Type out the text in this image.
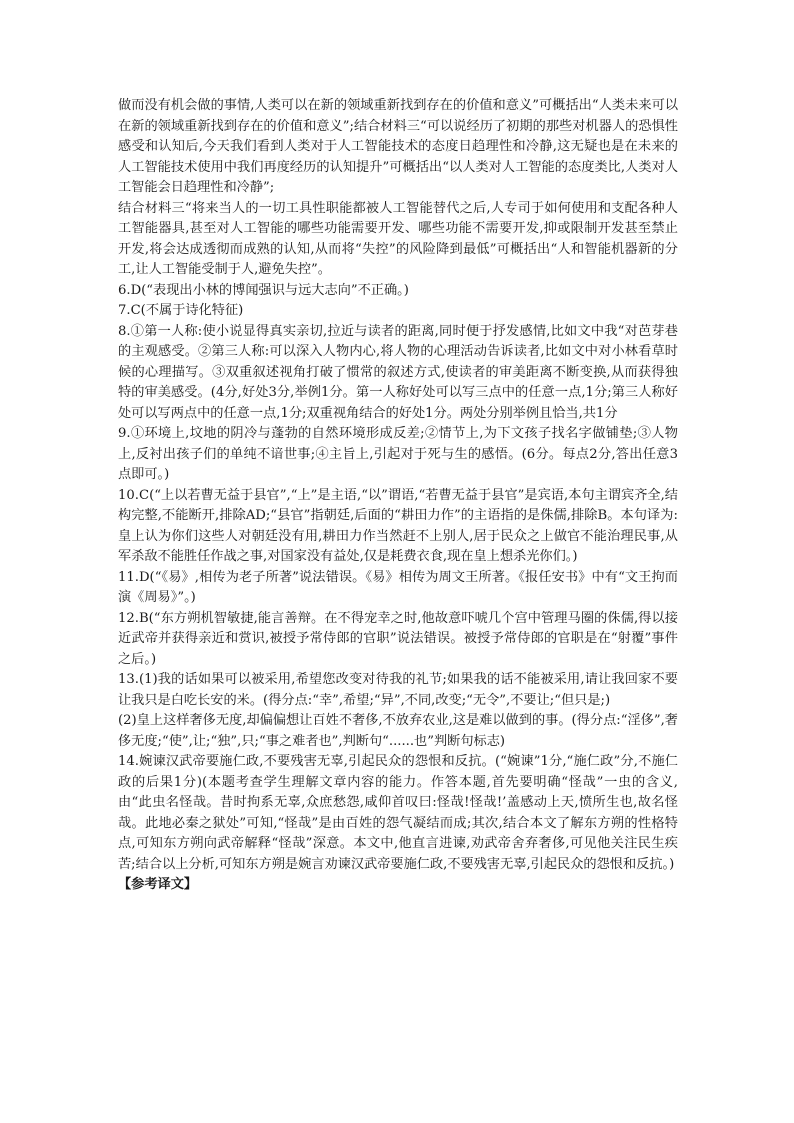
做而没有机会做的事情,人类可以在新的领域重新找到存在的价值和意义”可概括出“人类未来可以在新的领域重新找到存在的价值和意义”;结合材料三“可以说经历了初期的那些对机器人的恐惧性感受和认知后,今天我们看到人类对于人工智能技术的态度日趋理性和冷静,这无疑也是在未来的人工智能技术使用中我们再度经历的认知提升”可概括出“以人类对人工智能的态度类比,人类对人工智能会日趋理性和冷静”;

结合材料三“将来当人的一切工具性职能都被人工智能替代之后,人专司于如何使用和支配各种人工智能器具,甚至对人工智能的哪些功能需要开发、哪些功能不需要开发,抑或限制开发甚至禁止开发,将会达成透彻而成熟的认知,从而将“失控”的风险降到最低”可概括出“人和智能机器新的分工,让人工智能受制于人,避免失控”。

6.D(“表现出小林的博闻强识与远大志向”不正确。)

7.C(不属于诗化特征)

8.①第一人称:使小说显得真实亲切,拉近与读者的距离,同时便于抒发感情,比如文中我“对芭芽巷的主观感受。②第三人称:可以深入人物内心,将人物的心理活动告诉读者,比如文中对小林看草时候的心理描写。③双重叙述视角打破了惯常的叙述方式,使读者的审美距离不断变换,从而获得独特的审美感受。(4分,好处3分,举例1分。第一人称好处可以写三点中的任意一点,1分;第三人称好处可以写两点中的任意一点,1分;双重视角结合的好处1分。两处分别举例且恰当,共1分

9.①环境上,坟地的阴冷与蓬勃的自然环境形成反差;②情节上,为下文孩子找名字做铺垫;③人物上,反衬出孩子们的单纯不谙世事;④主旨上,引起对于死与生的感悟。(6分。每点2分,答出任意3点即可。)

10.C(“上以若曹无益于县官”,“上”是主语,“以”谓语,“若曹无益于县官”是宾语,本句主谓宾齐全,结构完整,不能断开,排除AD;“县官”指朝廷,后面的“耕田力作”的主语指的是侏儒,排除B。本句译为:皇上认为你们这些人对朝廷没有用,耕田力作当然赶不上别人,居于民众之上做官不能治理民事,从军杀敌不能胜任作战之事,对国家没有益处,仅是耗费衣食,现在皇上想杀光你们。)

11.D(“《易》,相传为老子所著”说法错误。《易》相传为周文王所著。《报任安书》中有“文王拘而演《周易》”。)

12.B(“东方朔机智敏捷,能言善辩。在不得宠幸之时,他故意吓唬几个宫中管理马圈的侏儒,得以接近武帝并获得亲近和赏识,被授予常侍郎的官职”说法错误。被授予常侍郎的官职是在“射覆”事件之后。)

13.(1)我的话如果可以被采用,希望您改变对待我的礼节;如果我的话不能被采用,请让我回家不要让我只是白吃长安的米。(得分点:“幸”,希望;“异”,不同,改变;“无令”,不要让;“但只是;)

(2)皇上这样奢侈无度,却偏偏想让百姓不奢侈,不放弃农业,这是难以做到的事。(得分点:“淫侈”,奢侈无度;“使”,让;“独”,只;“事之难者也”,判断句“......也”判断句标志)

14.婉谏汉武帝要施仁政,不要残害无辜,引起民众的怨恨和反抗。(“婉谏”1分,“施仁政”分,不施仁政的后果1分)(本题考查学生理解文章内容的能力。作答本题,首先要明确“怪哉”一虫的含义,由“此虫名怪哉。昔时拘系无辜,众庶愁怨,咸仰首叹曰:怪哉!怪哉!’盖感动上天,愤所生也,故名怪哉。此地必秦之狱处”可知,“怪哉”是由百姓的怨气凝结而成;其次,结合本文了解东方朔的性格特点,可知东方朔向武帝解释“怪哉”深意。本文中,他直言进谏,劝武帝舍弃奢侈,可见他关注民生疾苦;结合以上分析,可知东方朔是婉言劝谏汉武帝要施仁政,不要残害无辜,引起民众的怨恨和反抗。)

【参考译文】
